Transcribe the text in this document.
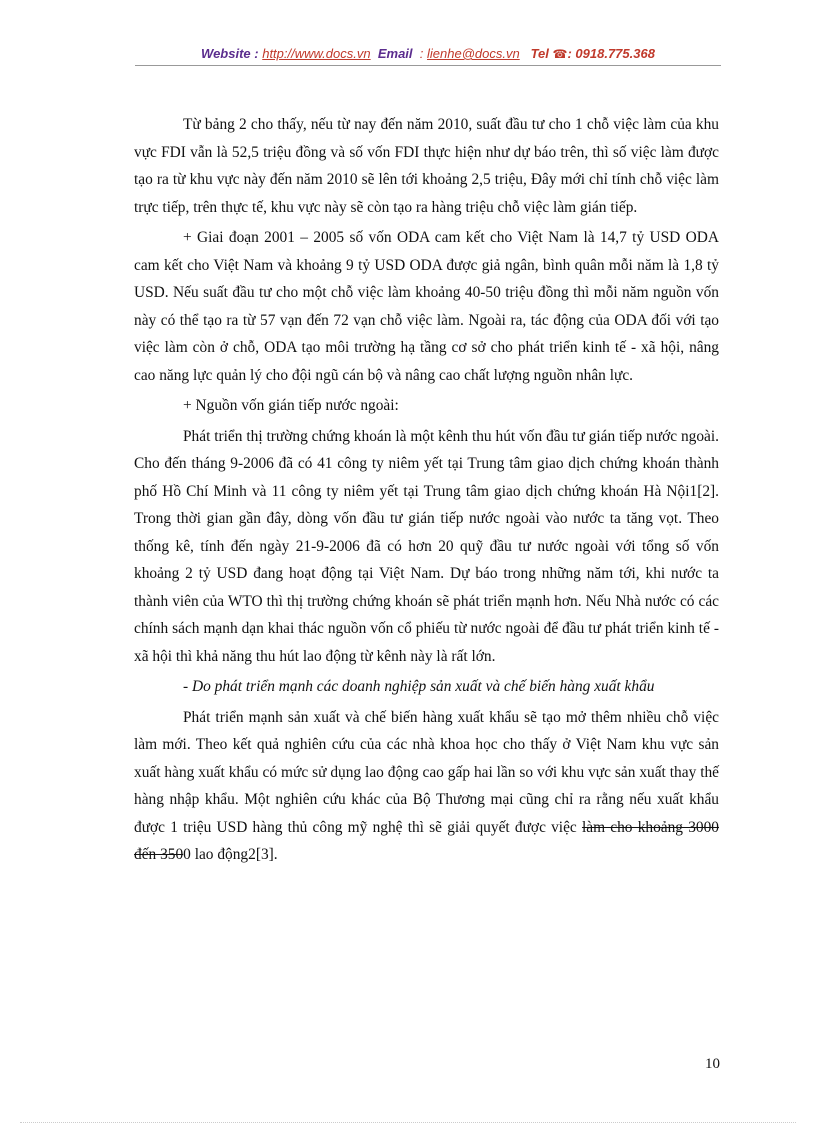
Website : http://www.docs.vn Email : lienhe@docs.vn Tel ☎: 0918.775.368

Từ bảng 2 cho thấy, nếu từ nay đến năm 2010, suất đầu tư cho 1 chỗ việc làm của khu vực FDI vẫn là 52,5 triệu đồng và số vốn FDI thực hiện như dự báo trên, thì số việc làm được tạo ra từ khu vực này đến năm 2010 sẽ lên tới khoảng 2,5 triệu, Đây mới chỉ tính chỗ việc làm trực tiếp, trên thực tế, khu vực này sẽ còn tạo ra hàng triệu chỗ việc làm gián tiếp.

+ Giai đoạn 2001 – 2005 số vốn ODA cam kết cho Việt Nam là 14,7 tỷ USD ODA cam kết cho Việt Nam và khoảng 9 tỷ USD ODA được giả ngân, bình quân mỗi năm là 1,8 tỷ USD. Nếu suất đầu tư cho một chỗ việc làm khoảng 40-50 triệu đồng thì mỗi năm nguồn vốn này có thể tạo ra từ 57 vạn đến 72 vạn chỗ việc làm. Ngoài ra, tác động của ODA đối với tạo việc làm còn ở chỗ, ODA tạo môi trường hạ tầng cơ sở cho phát triển kinh tế - xã hội, nâng cao năng lực quản lý cho đội ngũ cán bộ và nâng cao chất lượng nguồn nhân lực.

+ Nguồn vốn gián tiếp nước ngoài:

Phát triển thị trường chứng khoán là một kênh thu hút vốn đầu tư gián tiếp nước ngoài. Cho đến tháng 9-2006 đã có 41 công ty niêm yết tại Trung tâm giao dịch chứng khoán thành phố Hồ Chí Minh và 11 công ty niêm yết tại Trung tâm giao dịch chứng khoán Hà Nội1[2]. Trong thời gian gần đây, dòng vốn đầu tư gián tiếp nước ngoài vào nước ta tăng vọt. Theo thống kê, tính đến ngày 21-9-2006 đã có hơn 20 quỹ đầu tư nước ngoài với tổng số vốn khoảng 2 tỷ USD đang hoạt động tại Việt Nam. Dự báo trong những năm tới, khi nước ta thành viên của WTO thì thị trường chứng khoán sẽ phát triển mạnh hơn. Nếu Nhà nước có các chính sách mạnh dạn khai thác nguồn vốn cổ phiếu từ nước ngoài để đầu tư phát triển kinh tế - xã hội thì khả năng thu hút lao động từ kênh này là rất lớn.

- Do phát triển mạnh các doanh nghiệp sản xuất và chế biến hàng xuất khẩu

Phát triển mạnh sản xuất và chế biến hàng xuất khẩu sẽ tạo mở thêm nhiều chỗ việc làm mới. Theo kết quả nghiên cứu của các nhà khoa học cho thấy ở Việt Nam khu vực sản xuất hàng xuất khẩu có mức sử dụng lao động cao gấp hai lần so với khu vực sản xuất thay thế hàng nhập khẩu. Một nghiên cứu khác của Bộ Thương mại cũng chỉ ra rằng nếu xuất khẩu được 1 triệu USD hàng thủ công mỹ nghệ thì sẽ giải quyết được việc làm cho khoảng 3000 đến 3500 lao động2[3].

10
